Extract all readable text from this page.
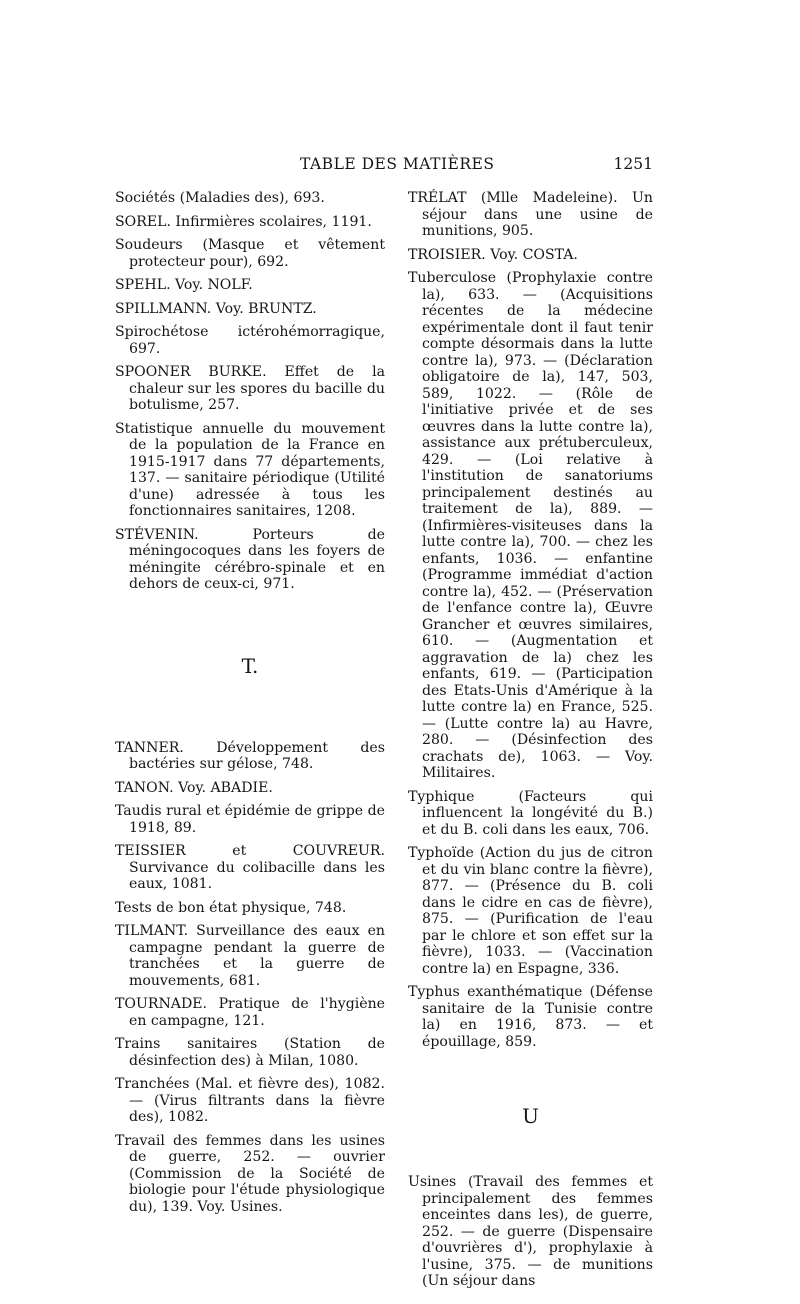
TABLE DES MATIÈRES	1251

Sociétés (Maladies des), 693.

SOREL. Infirmières scolaires, 1191.

Soudeurs (Masque et vêtement protecteur pour), 692.

SPEHL. Voy. NOLF.

SPILLMANN. Voy. BRUNTZ.

Spirochétose ictérohémorragique, 697.

SPOONER BURKE. Effet de la chaleur sur les spores du bacille du botulisme, 257.

Statistique annuelle du mouvement de la population de la France en 1915-1917 dans 77 départements, 137. — sanitaire périodique (Utilité d'une) adressée à tous les fonctionnaires sanitaires, 1208.

STÉVENIN. Porteurs de méningocoques dans les foyers de méningite cérébro-spinale et en dehors de ceux-ci, 971.

T.

TANNER. Développement des bactéries sur gélose, 748.

TANON. Voy. ABADIE.

Taudis rural et épidémie de grippe de 1918, 89.

TEISSIER et COUVREUR. Survivance du colibacille dans les eaux, 1081.

Tests de bon état physique, 748.

TILMANT. Surveillance des eaux en campagne pendant la guerre de tranchées et la guerre de mouvements, 681.

TOURNADE. Pratique de l'hygiène en campagne, 121.

Trains sanitaires (Station de désinfection des) à Milan, 1080.

Tranchées (Mal. et fièvre des), 1082. — (Virus filtrants dans la fièvre des), 1082.

Travail des femmes dans les usines de guerre, 252. — ouvrier (Commission de la Société de biologie pour l'étude physiologique du), 139. Voy. Usines.

TRÉLAT (Mlle Madeleine). Un séjour dans une usine de munitions, 905.

TROISIER. Voy. COSTA.

Tuberculose (Prophylaxie contre la), 633. — (Acquisitions récentes de la médecine expérimentale dont il faut tenir compte désormais dans la lutte contre la), 973. — (Déclaration obligatoire de la), 147, 503, 589, 1022. — (Rôle de l'initiative privée et de ses œuvres dans la lutte contre la), assistance aux prétuberculeux, 429. — (Loi relative à l'institution de sanatoriums principalement destinés au traitement de la), 889. — (Infirmières-visiteuses dans la lutte contre la), 700. — chez les enfants, 1036. — enfantine (Programme immédiat d'action contre la), 452. — (Préservation de l'enfance contre la), Œuvre Grancher et œuvres similaires, 610. — (Augmentation et aggravation de la) chez les enfants, 619. — (Participation des Etats-Unis d'Amérique à la lutte contre la) en France, 525. — (Lutte contre la) au Havre, 280. — (Désinfection des crachats de), 1063. — Voy. Militaires.

Typhique (Facteurs qui influencent la longévité du B.) et du B. coli dans les eaux, 706.

Typhoïde (Action du jus de citron et du vin blanc contre la fièvre), 877. — (Présence du B. coli dans le cidre en cas de fièvre), 875. — (Purification de l'eau par le chlore et son effet sur la fièvre), 1033. — (Vaccination contre la) en Espagne, 336.

Typhus exanthématique (Défense sanitaire de la Tunisie contre la) en 1916, 873. — et épouillage, 859.

U

Usines (Travail des femmes et principalement des femmes enceintes dans les), de guerre, 252. — de guerre (Dispensaire d'ouvrières d'), prophylaxie à l'usine, 375. — de munitions (Un séjour dans
